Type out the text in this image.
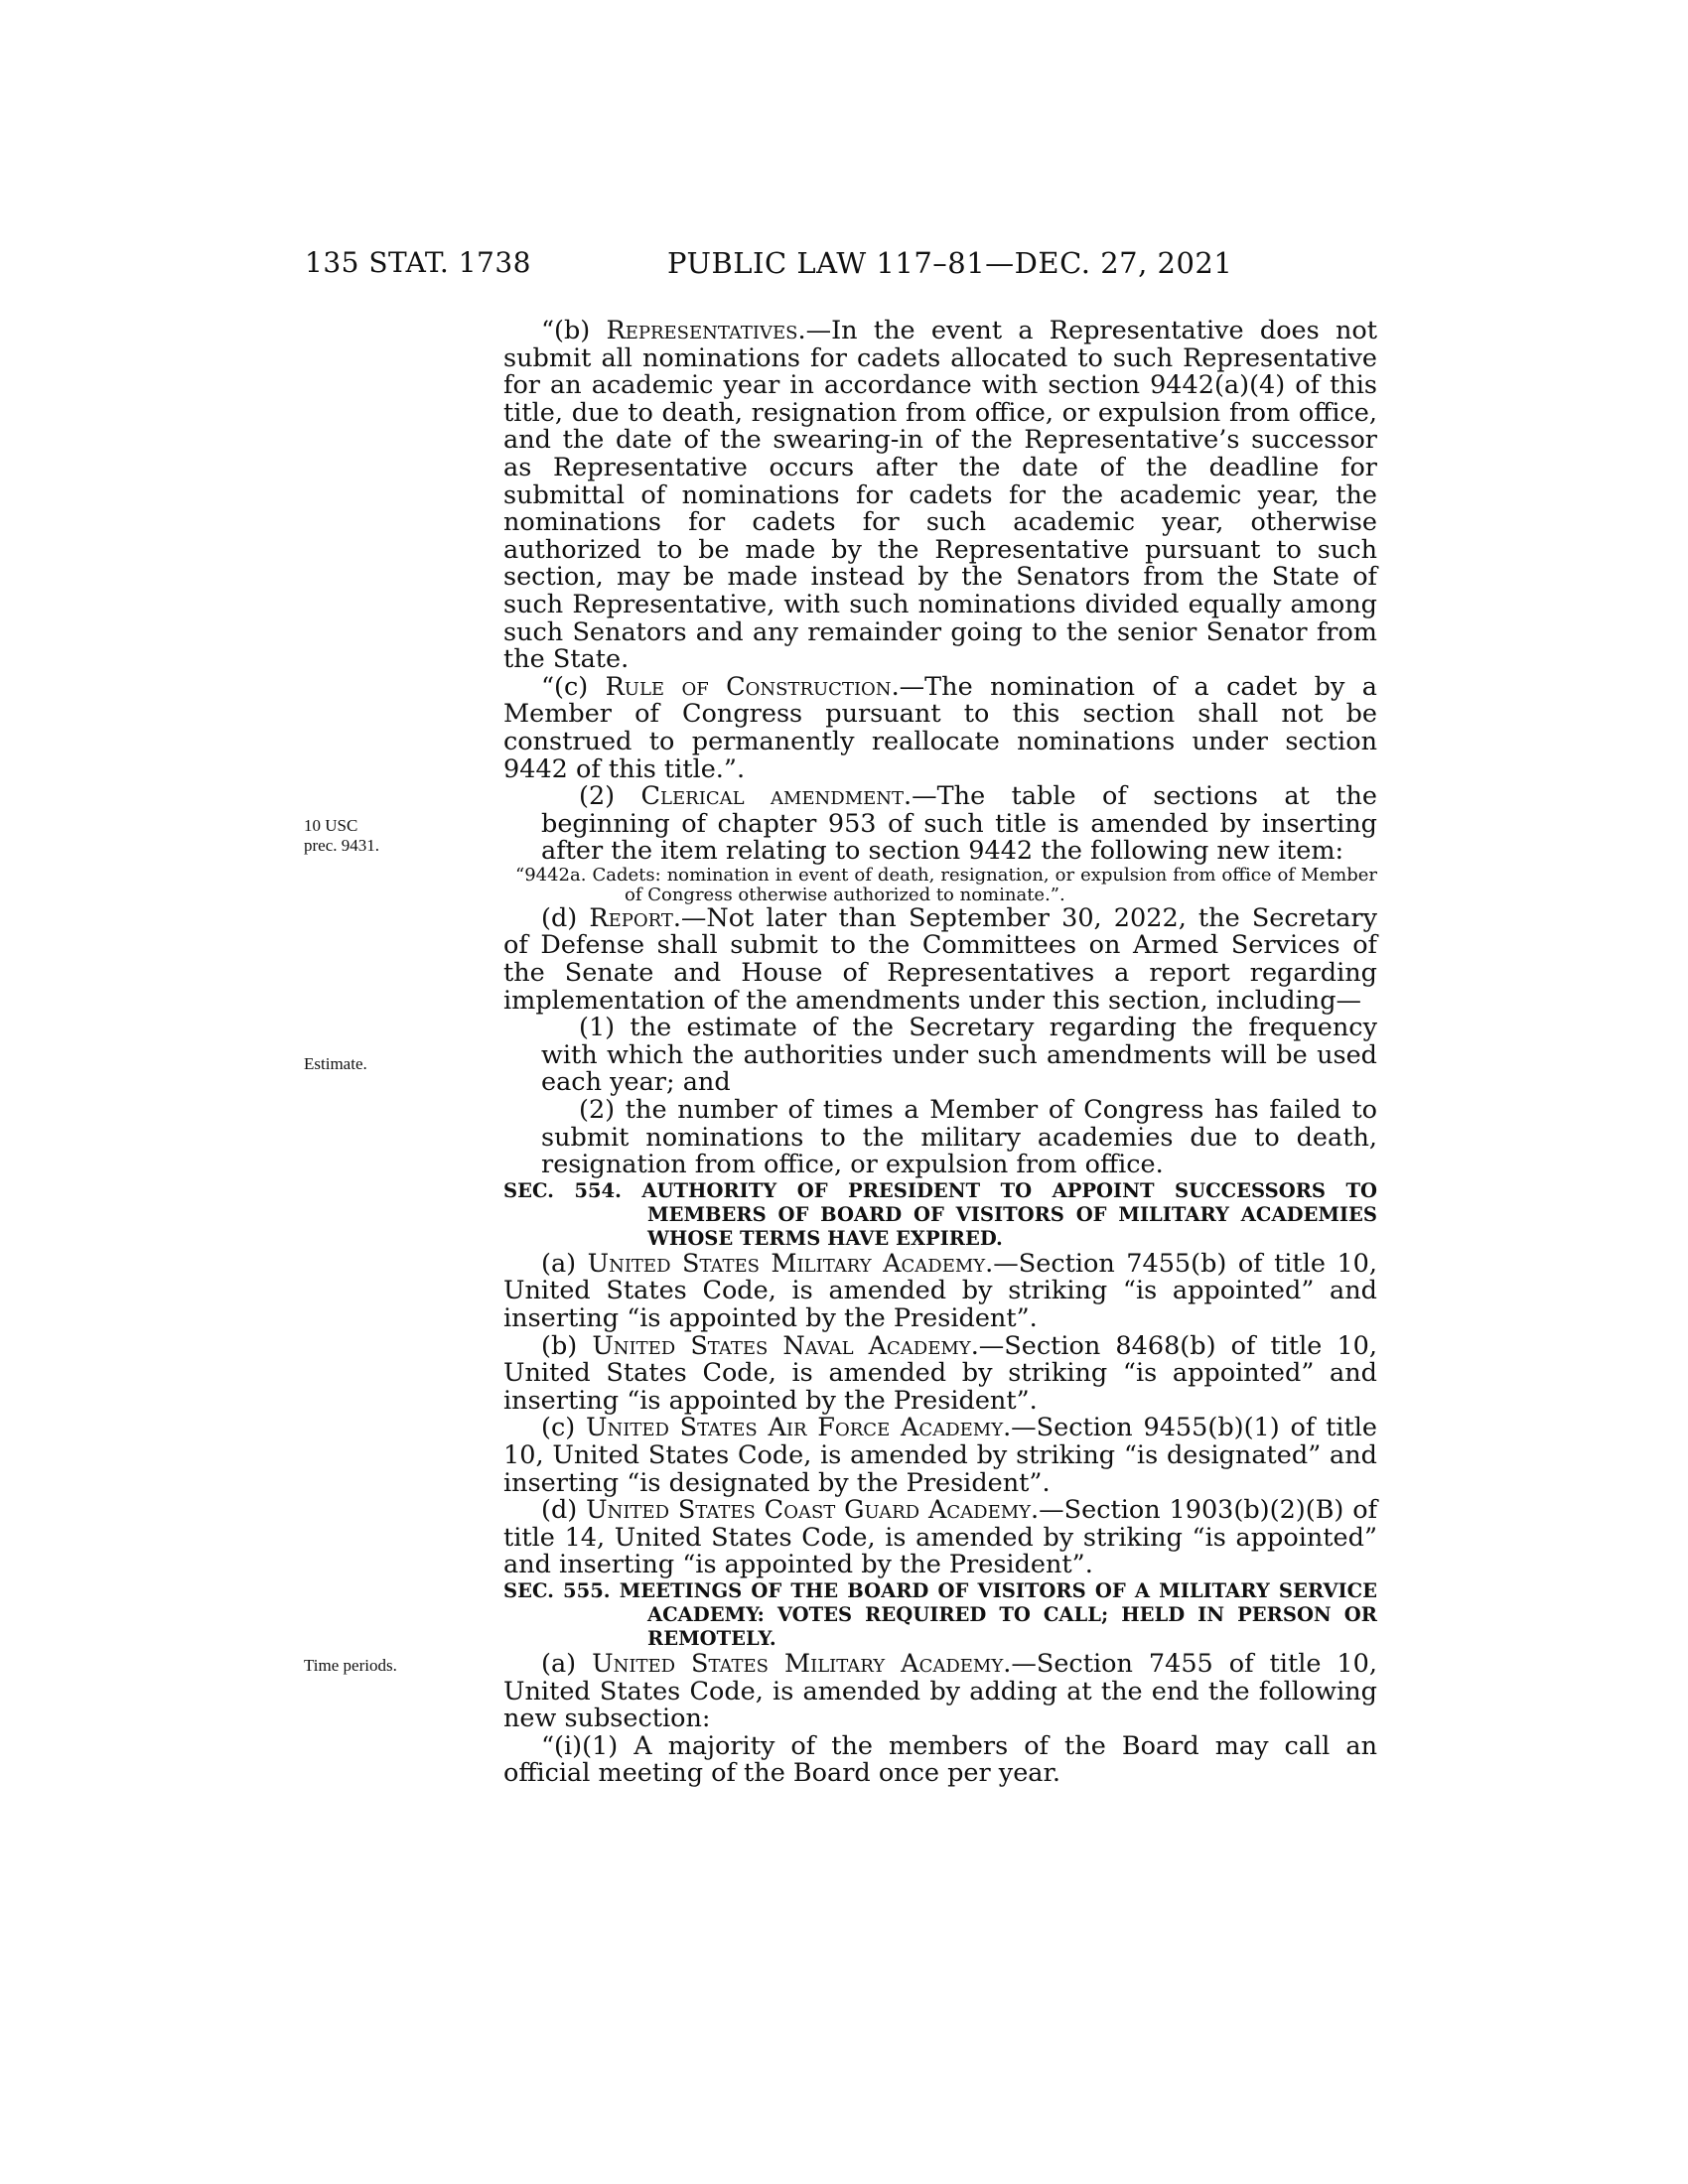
135 STAT. 1738	PUBLIC LAW 117–81—DEC. 27, 2021
10 USC
prec. 9431.
Estimate.
Time periods.

“(b) Representatives.—In the event a Representative does not submit all nominations for cadets allocated to such Representative for an academic year in accordance with section 9442(a)(4) of this title, due to death, resignation from office, or expulsion from office, and the date of the swearing-in of the Representative’s successor as Representative occurs after the date of the deadline for submittal of nominations for cadets for the academic year, the nominations for cadets for such academic year, otherwise authorized to be made by the Representative pursuant to such section, may be made instead by the Senators from the State of such Representative, with such nominations divided equally among such Senators and any remainder going to the senior Senator from the State.

“(c) Rule of Construction.—The nomination of a cadet by a Member of Congress pursuant to this section shall not be construed to permanently reallocate nominations under section 9442 of this title.”.

(2) Clerical amendment.—The table of sections at the beginning of chapter 953 of such title is amended by inserting after the item relating to section 9442 the following new item:

“9442a. Cadets: nomination in event of death, resignation, or expulsion from office of Member of Congress otherwise authorized to nominate.”.

(d) Report.—Not later than September 30, 2022, the Secretary of Defense shall submit to the Committees on Armed Services of the Senate and House of Representatives a report regarding implementation of the amendments under this section, including—

(1) the estimate of the Secretary regarding the frequency with which the authorities under such amendments will be used each year; and

(2) the number of times a Member of Congress has failed to submit nominations to the military academies due to death, resignation from office, or expulsion from office.

SEC. 554. AUTHORITY OF PRESIDENT TO APPOINT SUCCESSORS TO MEMBERS OF BOARD OF VISITORS OF MILITARY ACADEMIES WHOSE TERMS HAVE EXPIRED.

(a) United States Military Academy.—Section 7455(b) of title 10, United States Code, is amended by striking “is appointed” and inserting “is appointed by the President”.

(b) United States Naval Academy.—Section 8468(b) of title 10, United States Code, is amended by striking “is appointed” and inserting “is appointed by the President”.

(c) United States Air Force Academy.—Section 9455(b)(1) of title 10, United States Code, is amended by striking “is designated” and inserting “is designated by the President”.

(d) United States Coast Guard Academy.—Section 1903(b)(2)(B) of title 14, United States Code, is amended by striking “is appointed” and inserting “is appointed by the President”.

SEC. 555. MEETINGS OF THE BOARD OF VISITORS OF A MILITARY SERVICE ACADEMY: VOTES REQUIRED TO CALL; HELD IN PERSON OR REMOTELY.

(a) United States Military Academy.—Section 7455 of title 10, United States Code, is amended by adding at the end the following new subsection:

“(i)(1) A majority of the members of the Board may call an official meeting of the Board once per year.
